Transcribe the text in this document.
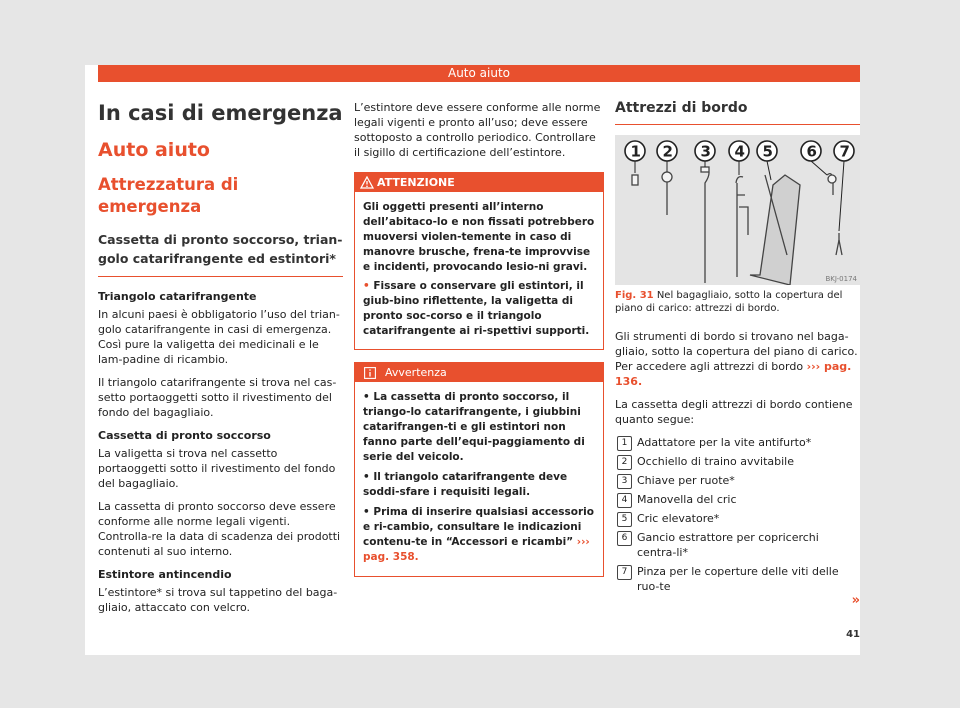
Auto aiuto
In casi di emergenza
Auto aiuto
Attrezzatura di emergenza
Cassetta di pronto soccorso, trian-
golo catarifrangente ed estintori*
Triangolo catarifrangente

In alcuni paesi è obbligatorio l’uso del trian-golo catarifrangente in casi di emergenza. Così pure la valigetta dei medicinali e le lam-padine di ricambio.

Il triangolo catarifrangente si trova nel cas-setto portaoggetti sotto il rivestimento del fondo del bagagliaio.

Cassetta di pronto soccorso

La valigetta si trova nel cassetto portaoggetti sotto il rivestimento del fondo del bagagliaio.

La cassetta di pronto soccorso deve essere conforme alle norme legali vigenti. Controlla-re la data di scadenza dei prodotti contenuti al suo interno.

Estintore antincendio

L’estintore* si trova sul tappetino del baga-gliaio, attaccato con velcro.

L’estintore deve essere conforme alle norme legali vigenti e pronto all’uso; deve essere sottoposto a controllo periodico. Controllare il sigillo di certificazione dell’estintore.

ATTENZIONE

Gli oggetti presenti all’interno dell’abitaco-lo e non fissati potrebbero muoversi violen-temente in caso di manovre brusche, frena-te improvvise e incidenti, provocando lesio-ni gravi.

• Fissare o conservare gli estintori, il giub-bino riflettente, la valigetta di pronto soc-corso e il triangolo catarifrangente ai ri-spettivi supporti.

Avvertenza

• La cassetta di pronto soccorso, il triango-lo catarifrangente, i giubbini catarifrangen-ti e gli estintori non fanno parte dell’equi-paggiamento di serie del veicolo.

• Il triangolo catarifrangente deve soddi-sfare i requisiti legali.

• Prima di inserire qualsiasi accessorio e ri-cambio, consultare le indicazioni contenu-te in “Accessori e ricambi” ››› pag. 358.

Attrezzi di bordo
1 2 3 4 5 6 7
BKJ-0174
Fig. 31 Nel bagagliaio, sotto la copertura del piano di carico: attrezzi di bordo.

Gli strumenti di bordo si trovano nel baga-gliaio, sotto la copertura del piano di carico. Per accedere agli attrezzi di bordo ››› pag. 136.

La cassetta degli attrezzi di bordo contiene quanto segue:

1 Adattatore per la vite antifurto*
2 Occhiello di traino avvitabile
3 Chiave per ruote*
4 Manovella del cric
5 Cric elevatore*
6 Gancio estrattore per copricerchi centra-li*
7 Pinza per le coperture delle viti delle ruo-te
»
41
